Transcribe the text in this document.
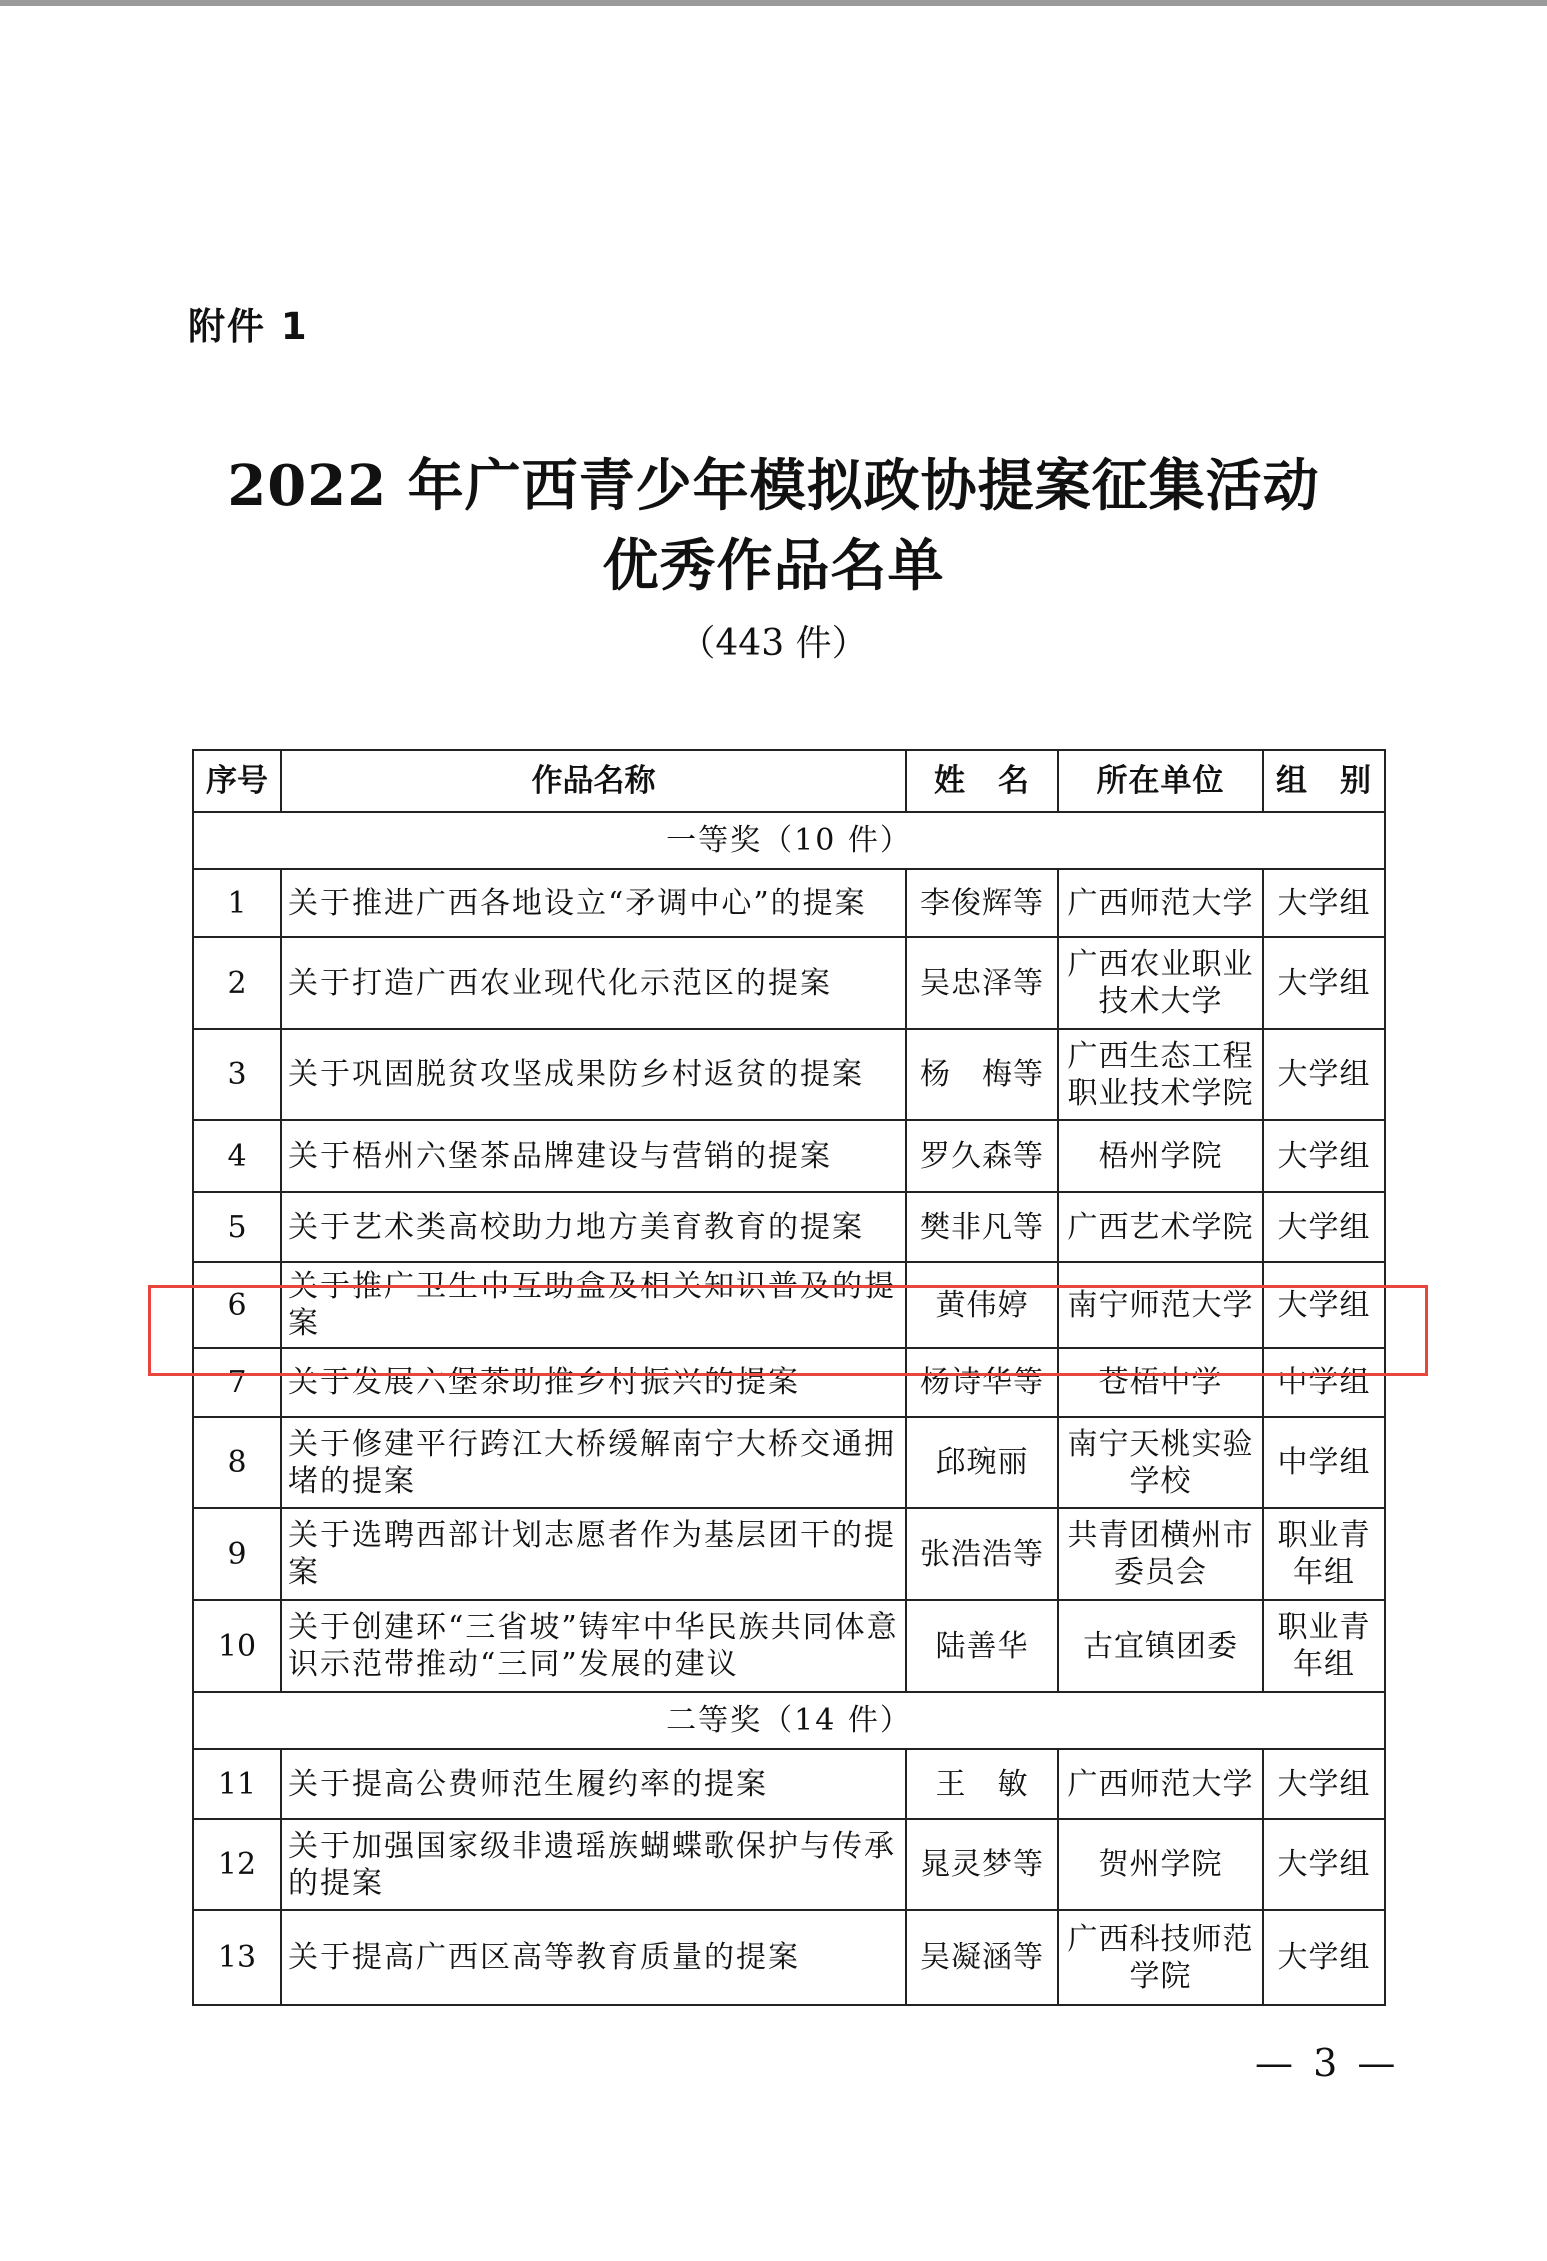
附件 1
2022 年广西青少年模拟政协提案征集活动
优秀作品名单
（443 件）
序号	作品名称	姓　名	所在单位	组　别
一等奖（10 件）				
1	关于推进广西各地设立“矛调中心”的提案	李俊辉等	广西师范大学	大学组
2	关于打造广西农业现代化示范区的提案	吴忠泽等	广西农业职业技术大学	大学组
3	关于巩固脱贫攻坚成果防乡村返贫的提案	杨　梅等	广西生态工程职业技术学院	大学组
4	关于梧州六堡茶品牌建设与营销的提案	罗久森等	梧州学院	大学组
5	关于艺术类高校助力地方美育教育的提案	樊非凡等	广西艺术学院	大学组
6	关于推广卫生巾互助盒及相关知识普及的提案	黄伟婷	南宁师范大学	大学组
7	关于发展六堡茶助推乡村振兴的提案	杨诗华等	苍梧中学	中学组
8	关于修建平行跨江大桥缓解南宁大桥交通拥堵的提案	邱琬丽	南宁天桃实验学校	中学组
9	关于选聘西部计划志愿者作为基层团干的提案	张浩浩等	共青团横州市委员会	职业青年组
10	关于创建环“三省坡”铸牢中华民族共同体意识示范带推动“三同”发展的建议	陆善华	古宜镇团委	职业青年组
二等奖（14 件）				
11	关于提高公费师范生履约率的提案	王　敏	广西师范大学	大学组
12	关于加强国家级非遗瑶族蝴蝶歌保护与传承的提案	晁灵梦等	贺州学院	大学组
13	关于提高广西区高等教育质量的提案	吴凝涵等	广西科技师范学院	大学组
— 3 —
